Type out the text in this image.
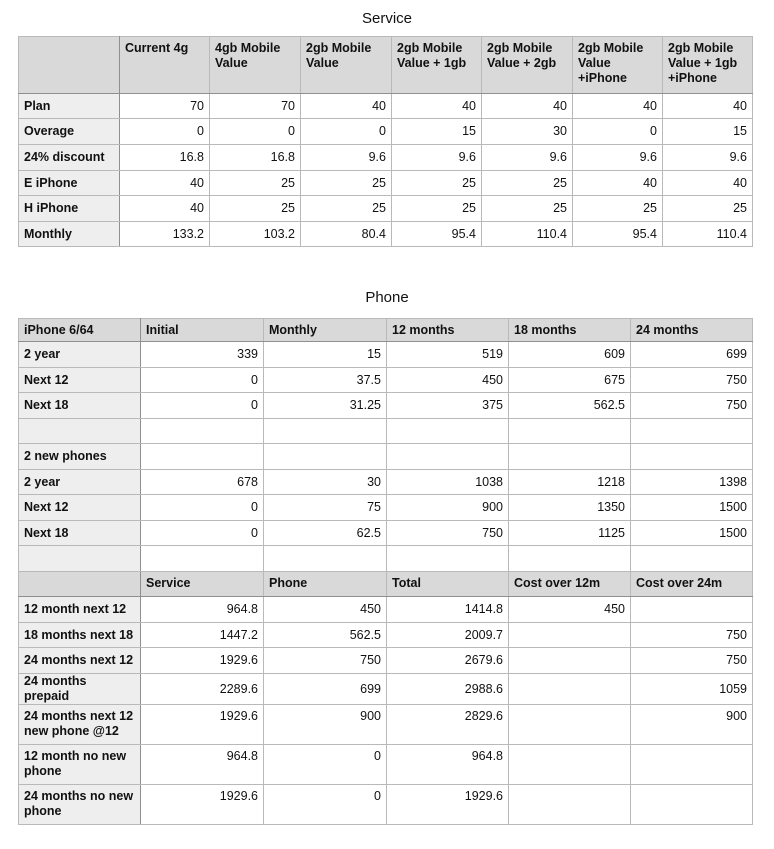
Service
	Current 4g	4gb Mobile Value	2gb Mobile Value	2gb Mobile Value + 1gb	2gb Mobile Value + 2gb	2gb Mobile Value +iPhone	2gb Mobile Value + 1gb +iPhone
Plan	70	70	40	40	40	40	40
Overage	0	0	0	15	30	0	15
24% discount	16.8	16.8	9.6	9.6	9.6	9.6	9.6
E iPhone	40	25	25	25	25	40	40
H iPhone	40	25	25	25	25	25	25
Monthly	133.2	103.2	80.4	95.4	110.4	95.4	110.4
Phone
iPhone 6/64	Initial	Monthly	12 months	18 months	24 months
2 year	339	15	519	609	699
Next 12	0	37.5	450	675	750
Next 18	0	31.25	375	562.5	750

2 new phones					
2 year	678	30	1038	1218	1398
Next 12	0	75	900	1350	1500
Next 18	0	62.5	750	1125	1500

	Service	Phone	Total	Cost over 12m	Cost over 24m
12 month next 12	964.8	450	1414.8	450	
18 months next 18	1447.2	562.5	2009.7		750
24 months next 12	1929.6	750	2679.6		750
24 months prepaid	2289.6	699	2988.6		1059
24 months next 12 new phone @12	1929.6	900	2829.6		900
12 month no new phone	964.8	0	964.8		
24 months no new phone	1929.6	0	1929.6		
